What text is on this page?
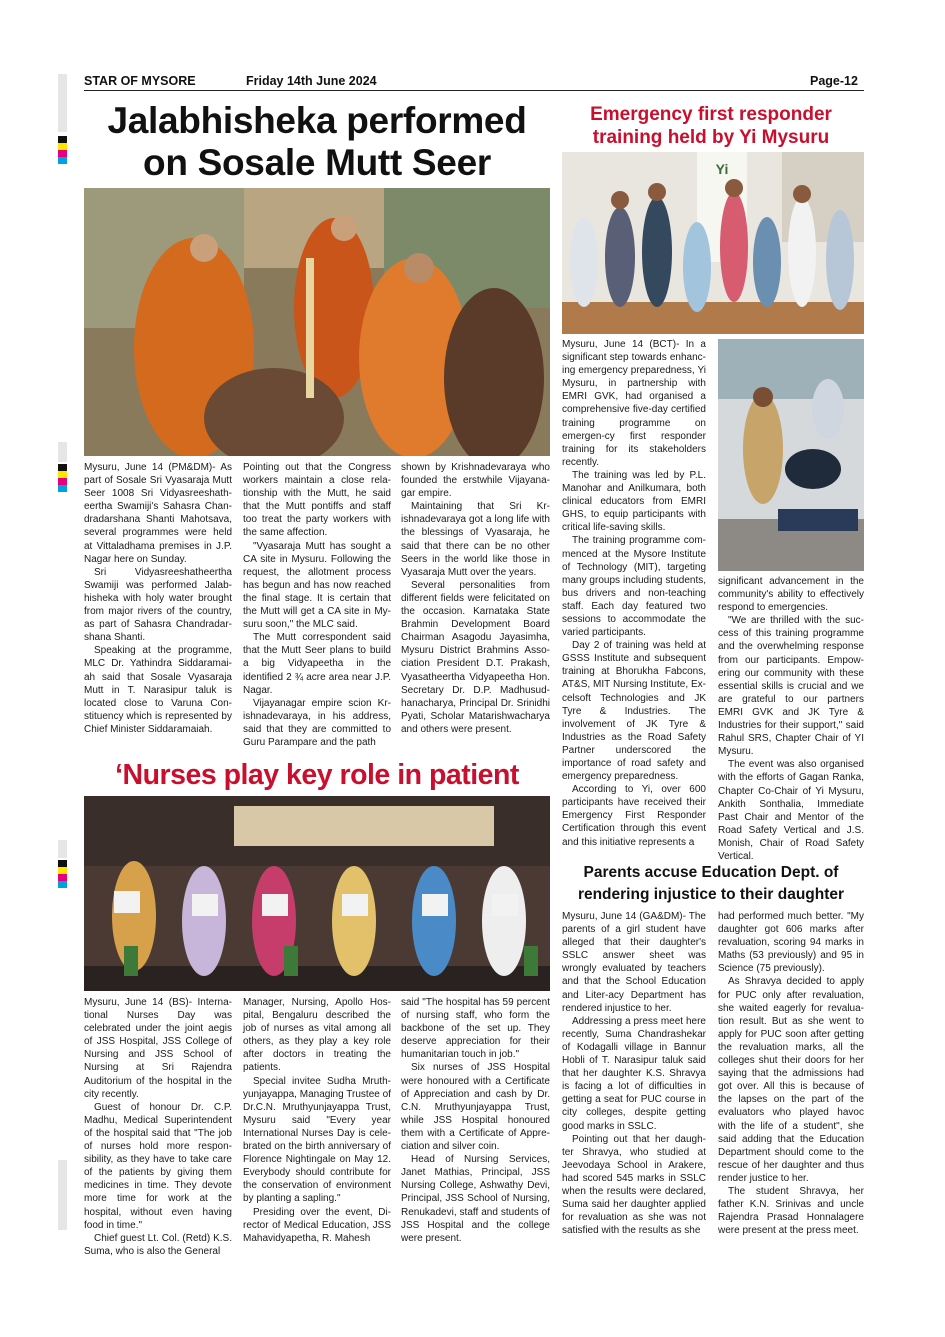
STAR OF MYSORE	Friday 14th June 2024	Page-12
Jalabhisheka performed
on Sosale Mutt Seer

Mysuru, June 14 (PM&DM)- As part of Sosale Sri Vyasaraja Mutt Seer 1008 Sri Vidyasreeshath-eertha Swamiji's Sahasra Chan-dradarshana Shanti Mahotsava, several programmes were held at Vittaladhama premises in J.P. Nagar here on Sunday.

Sri Vidyasreeshatheertha Swamiji was performed Jalab-hisheka with holy water brought from major rivers of the country, as part of Sahasra Chandradar-shana Shanti.

Speaking at the programme, MLC Dr. Yathindra Siddaramai-ah said that Sosale Vyasaraja Mutt in T. Narasipur taluk is located close to Varuna Con-stituency which is represented by Chief Minister Siddaramaiah.

Pointing out that the Congress workers maintain a close rela-tionship with the Mutt, he said that the Mutt pontiffs and staff too treat the party workers with the same affection.

"Vyasaraja Mutt has sought a CA site in Mysuru. Following the request, the allotment process has begun and has now reached the final stage. It is certain that the Mutt will get a CA site in My-suru soon," the MLC said.

The Mutt correspondent said that the Mutt Seer plans to build a big Vidyapeetha in the identified 2 ¾ acre area near J.P. Nagar.

Vijayanagar empire scion Kr-ishnadevaraya, in his address, said that they are committed to Guru Parampare and the path

shown by Krishnadevaraya who founded the erstwhile Vijayana-gar empire.

Maintaining that Sri Kr-ishnadevaraya got a long life with the blessings of Vyasaraja, he said that there can be no other Seers in the world like those in Vyasaraja Mutt over the years.

Several personalities from different fields were felicitated on the occasion. Karnataka State Brahmin Development Board Chairman Asagodu Jayasimha, Mysuru District Brahmins Asso-ciation President D.T. Prakash, Vyasatheertha Vidyapeetha Hon. Secretary Dr. D.P. Madhusud-hanacharya, Principal Dr. Srinidhi Pyati, Scholar Matarishwacharya and others were present.

‘Nurses play key role in patient

Mysuru, June 14 (BS)- Interna-tional Nurses Day was celebrated under the joint aegis of JSS Hospital, JSS College of Nursing and JSS School of Nursing at Sri Rajendra Auditorium of the hospital in the city recently.

Guest of honour Dr. C.P. Madhu, Medical Superintendent of the hospital said that "The job of nurses hold more respon-sibility, as they have to take care of the patients by giving them medicines in time. They devote more time for work at the hospital, without even having food in time."

Chief guest Lt. Col. (Retd) K.S. Suma, who is also the General

Manager, Nursing, Apollo Hos-pital, Bengaluru described the job of nurses as vital among all others, as they play a key role after doctors in treating the patients.

Special invitee Sudha Mruth-yunjayappa, Managing Trustee of Dr.C.N. Mruthyunjayappa Trust, Mysuru said "Every year International Nurses Day is cele-brated on the birth anniversary of Florence Nightingale on May 12. Everybody should contribute for the conservation of environment by planting a sapling."

Presiding over the event, Di-rector of Medical Education, JSS Mahavidyapetha, R. Mahesh

said "The hospital has 59 percent of nursing staff, who form the backbone of the set up. They deserve appreciation for their humanitarian touch in job."

Six nurses of JSS Hospital were honoured with a Certificate of Appreciation and cash by Dr. C.N. Mruthyunjayappa Trust, while JSS Hospital honoured them with a Certificate of Appre-ciation and silver coin.

Head of Nursing Services, Janet Mathias, Principal, JSS Nursing College, Ashwathy Devi, Principal, JSS School of Nursing, Renukadevi, staff and students of JSS Hospital and the college were present.

Emergency first responder
training held by Yi Mysuru
Yi

Mysuru, June 14 (BCT)- In a significant step towards enhanc-ing emergency preparedness, Yi Mysuru, in partnership with EMRI GVK, had organised a comprehensive five-day certified training programme on emergen-cy first responder training for its stakeholders recently.

The training was led by P.L. Manohar and Anilkumara, both clinical educators from EMRI GHS, to equip participants with critical life-saving skills.

The training programme com-menced at the Mysore Institute of Technology (MIT), targeting many groups including students, bus drivers and non-teaching staff. Each day featured two sessions to accommodate the varied participants.

Day 2 of training was held at GSSS Institute and subsequent training at Bhorukha Fabcons, AT&S, MIT Nursing Institute, Ex-celsoft Technologies and JK Tyre & Industries. The involvement of JK Tyre & Industries as the Road Safety Partner underscored the importance of road safety and emergency preparedness.

According to Yi, over 600 participants have received their Emergency First Responder Certification through this event and this initiative represents a

significant advancement in the community's ability to effectively respond to emergencies.

"We are thrilled with the suc-cess of this training programme and the overwhelming response from our participants. Empow-ering our community with these essential skills is crucial and we are grateful to our partners EMRI GVK and JK Tyre & Industries for their support," said Rahul SRS, Chapter Chair of YI Mysuru.

The event was also organised with the efforts of Gagan Ranka, Chapter Co-Chair of Yi Mysuru, Ankith Sonthalia, Immediate Past Chair and Mentor of the Road Safety Vertical and J.S. Monish, Chair of Road Safety Vertical.

Parents accuse Education Dept. of
rendering injustice to their daughter

Mysuru, June 14 (GA&DM)- The parents of a girl student have alleged that their daughter's SSLC answer sheet was wrongly evaluated by teachers and that the School Education and Liter-acy Department has rendered injustice to her.

Addressing a press meet here recently, Suma Chandrashekar of Kodagalli village in Bannur Hobli of T. Narasipur taluk said that her daughter K.S. Shravya is facing a lot of difficulties in getting a seat for PUC course in city colleges, despite getting good marks in SSLC.

Pointing out that her daugh-ter Shravya, who studied at Jeevodaya School in Arakere, had scored 545 marks in SSLC when the results were declared, Suma said her daughter applied for revaluation as she was not satisfied with the results as she

had performed much better. "My daughter got 606 marks after revaluation, scoring 94 marks in Maths (53 previously) and 95 in Science (75 previously).

As Shravya decided to apply for PUC only after revaluation, she waited eagerly for revalua-tion result. But as she went to apply for PUC soon after getting the revaluation marks, all the colleges shut their doors for her saying that the admissions had got over. All this is because of the lapses on the part of the evaluators who played havoc with the life of a student", she said adding that the Education Department should come to the rescue of her daughter and thus render justice to her.

The student Shravya, her father K.N. Srinivas and uncle Rajendra Prasad Honnalagere were present at the press meet.
